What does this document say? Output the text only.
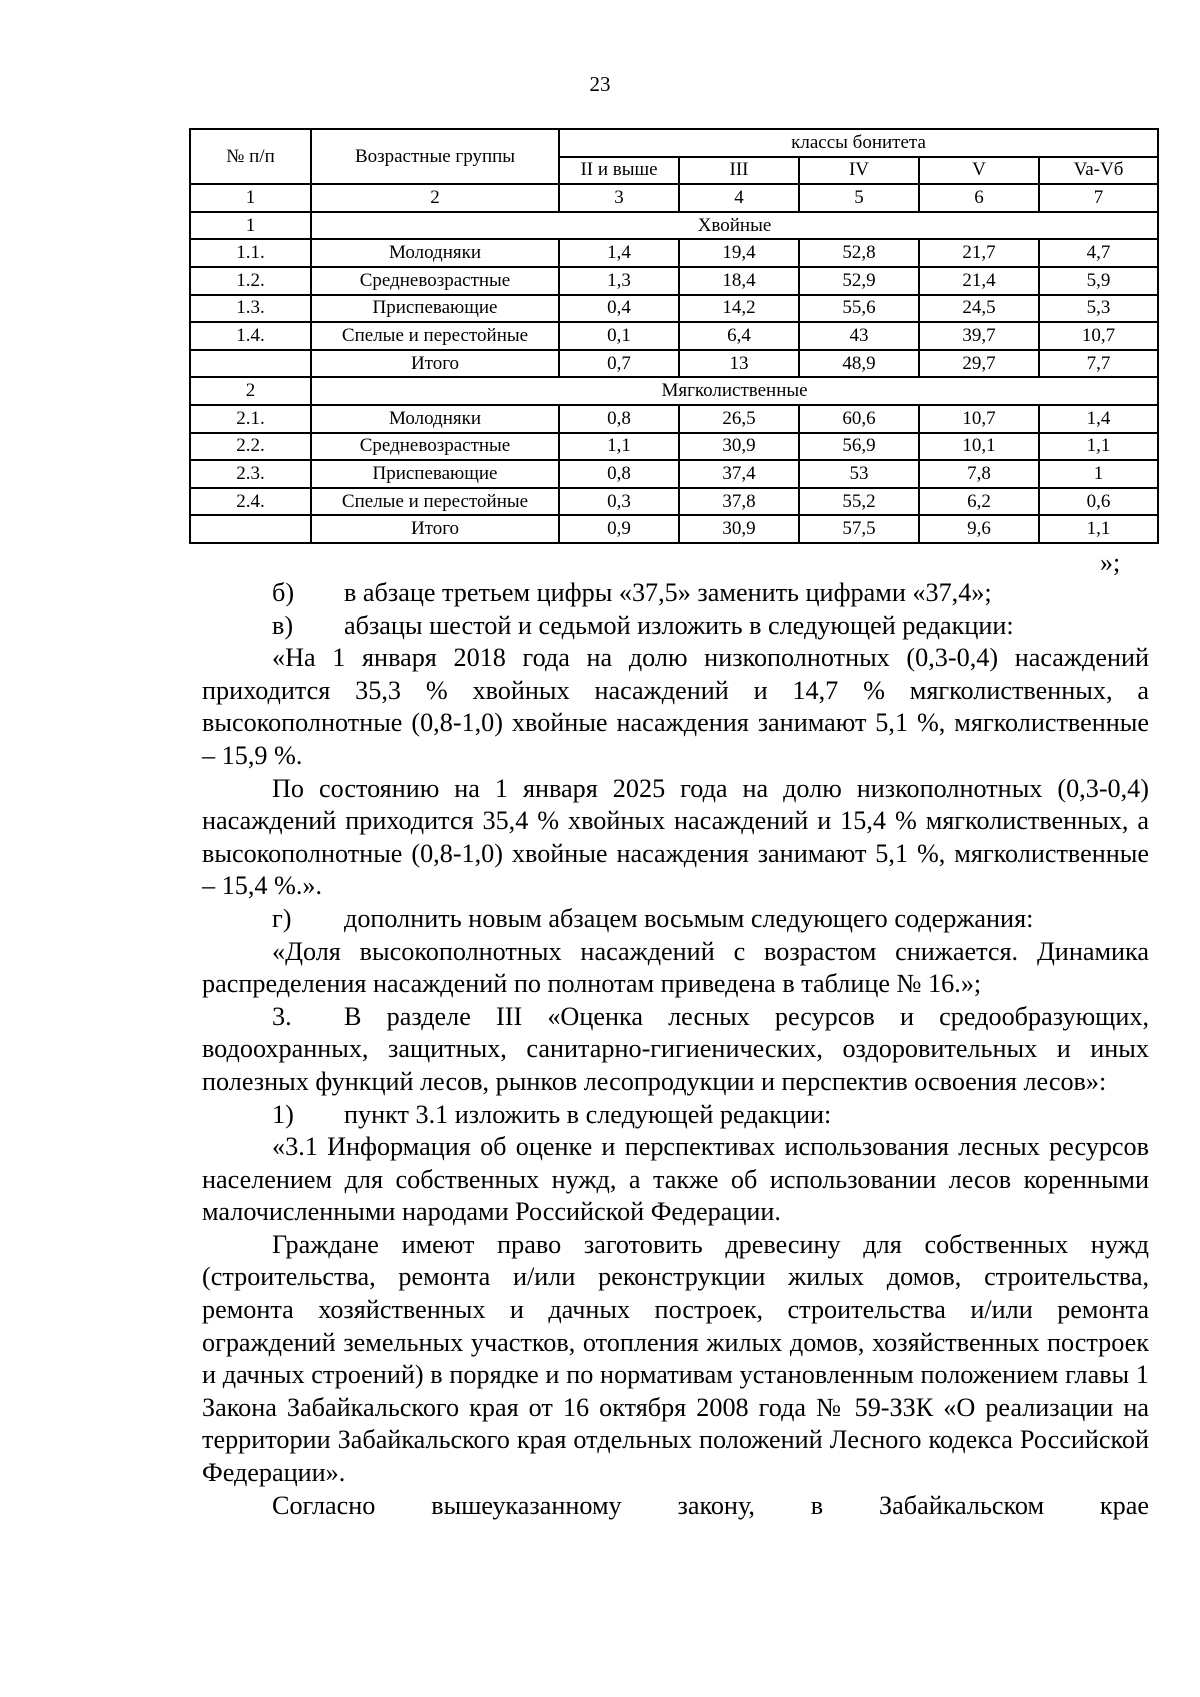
23
№ п/п	Возрастные группы	классы бонитета				
		II и выше	III	IV	V	Va-Vб
1	2	3	4	5	6	7
1	Хвойные					
1.1.	Молодняки	1,4	19,4	52,8	21,7	4,7
1.2.	Средневозрастные	1,3	18,4	52,9	21,4	5,9
1.3.	Приспевающие	0,4	14,2	55,6	24,5	5,3
1.4.	Спелые и перестойные	0,1	6,4	43	39,7	10,7
	Итого	0,7	13	48,9	29,7	7,7
2	Мягколиственные					
2.1.	Молодняки	0,8	26,5	60,6	10,7	1,4
2.2.	Средневозрастные	1,1	30,9	56,9	10,1	1,1
2.3.	Приспевающие	0,8	37,4	53	7,8	1
2.4.	Спелые и перестойные	0,3	37,8	55,2	6,2	0,6
	Итого	0,9	30,9	57,5	9,6	1,1
»;

б) в абзаце третьем цифры «37,5» заменить цифрами «37,4»;

в) абзацы шестой и седьмой изложить в следующей редакции:

«На 1 января 2018 года на долю низкополнотных (0,3-0,4) насаждений приходится 35,3 % хвойных насаждений и 14,7 % мягколиственных, а высокополнотные (0,8-1,0) хвойные насаждения занимают 5,1 %, мягколиственные – 15,9 %.

По состоянию на 1 января 2025 года на долю низкополнотных (0,3-0,4) насаждений приходится 35,4 % хвойных насаждений и 15,4 % мягколиственных, а высокополнотные (0,8-1,0) хвойные насаждения занимают 5,1 %, мягколиственные – 15,4 %.».

г) дополнить новым абзацем восьмым следующего содержания:

«Доля высокополнотных насаждений с возрастом снижается. Динамика распределения насаждений по полнотам приведена в таблице № 16.»;

3. В разделе III «Оценка лесных ресурсов и средообразующих, водоохранных, защитных, санитарно-гигиенических, оздоровительных и иных полезных функций лесов, рынков лесопродукции и перспектив освоения лесов»:

1) пункт 3.1 изложить в следующей редакции:

«3.1 Информация об оценке и перспективах использования лесных ресурсов населением для собственных нужд, а также об использовании лесов коренными малочисленными народами Российской Федерации.

Граждане имеют право заготовить древесину для собственных нужд (строительства, ремонта и/или реконструкции жилых домов, строительства, ремонта хозяйственных и дачных построек, строительства и/или ремонта ограждений земельных участков, отопления жилых домов, хозяйственных построек и дачных строений) в порядке и по нормативам установленным положением главы 1 Закона Забайкальского края от 16 октября 2008 года № 59-ЗЗК «О реализации на территории Забайкальского края отдельных положений Лесного кодекса Российской Федерации».

Согласно вышеуказанному закону, в Забайкальском крае
